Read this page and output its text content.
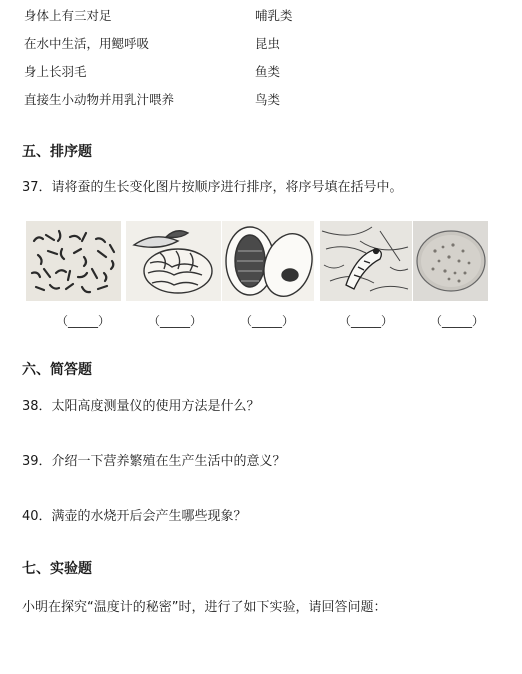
身体上有三对足	哺乳类
在水中生活，用鳃呼吸	昆虫
身上长羽毛	鱼类
直接生小动物并用乳汁喂养	鸟类
五、排序题
37．请将蚕的生长变化图片按顺序进行排序，将序号填在括号中。
（_____）	（_____）	（_____）	（_____）	（_____）
六、简答题
38．太阳高度测量仪的使用方法是什么？
39．介绍一下营养繁殖在生产生活中的意义？
40．满壶的水烧开后会产生哪些现象？
七、实验题
小明在探究“温度计的秘密”时，进行了如下实验，请回答问题：
